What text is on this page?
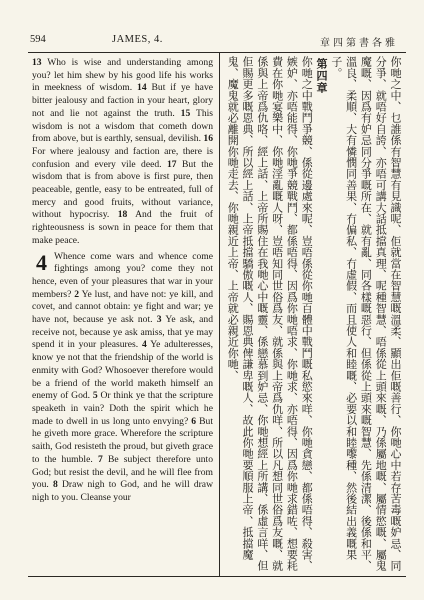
594	JAMES, 4.	章四第書各雅

13 Who is wise and understanding among you? let him shew by his good life his works in meekness of wisdom. 14 But if ye have bitter jealousy and faction in your heart, glory not and lie not against the truth. 15 This wisdom is not a wisdom that cometh down from above, but is earthly, sensual, devilish. 16 For where jealousy and faction are, there is confusion and every vile deed. 17 But the wisdom that is from above is first pure, then peaceable, gentle, easy to be entreated, full of mercy and good fruits, without variance, without hypocrisy. 18 And the fruit of righteousness is sown in peace for them that make peace.

4 Whence come wars and whence come fightings among you? come they not hence, even of your pleasures that war in your members? 2 Ye lust, and have not: ye kill, and covet, and cannot obtain: ye fight and war; ye have not, because ye ask not. 3 Ye ask, and receive not, because ye ask amiss, that ye may spend it in your pleasures. 4 Ye adulteresses, know ye not that the friendship of the world is enmity with God? Whosoever therefore would be a friend of the world maketh himself an enemy of God. 5 Or think ye that the scripture speaketh in vain? Doth the spirit which he made to dwell in us long unto envying? 6 But he giveth more grace. Wherefore the scripture saith, God resisteth the proud, but giveth grace to the humble. 7 Be subject therefore unto God; but resist the devil, and he will flee from you. 8 Draw nigh to God, and he will draw nigh to you. Cleanse your

你哋之中、乜誰係有智慧有見識呢、佢就當在智慧嘅溫柔、顯出佢嘅善行、你哋心中若存苦毒嘅妒忌、同分爭、就唔好自誇、亦唔可講大話抵擋真理、呢種智慧、唔係從上頭來嘅、乃係屬地嘅、屬情慾嘅、屬鬼魔嘅、因爲有妒忌同分爭嘅所在、就有亂、同各樣嘅惡行、但係從上頭來嘅智慧、先係清潔、後係和平、溫良、柔順、大有憐憫同善果、冇偏私、冇虛假、而且使人和睦嘅、必要以和睦嚟種、然後結出義嘅果子。
第四章
你哋之中戰鬥爭競、係從邊處來呢、豈唔係從你哋百體中戰鬥嘅私慾來咩、你哋貪戀、都係唔得、殺害、嫉妒、亦唔能得、你哋爭競戰鬥、都係唔得、因爲你哋唔求、你哋求、亦唔得、因爲你哋求錯咗、想要耗費在你哋宴樂中、你哋淫亂嘅人呀、豈唔知同世俗爲友、就係與上帝爲仇咩、所以凡想同世俗爲友嘅、就係與上帝爲仇咯、經上話、上帝所賜住在我哋心中嘅靈、係戀慕到妒忌、你哋想經上所講、係虛言咩、但佢賜更多嘅恩典、所以經上話、上帝抵擋驕傲嘅人、賜恩典俾謙卑嘅人、故此你哋要順服上帝、抵擋魔鬼、魔鬼就必離開你哋走去、你哋親近上帝、上帝就必親近你哋、
